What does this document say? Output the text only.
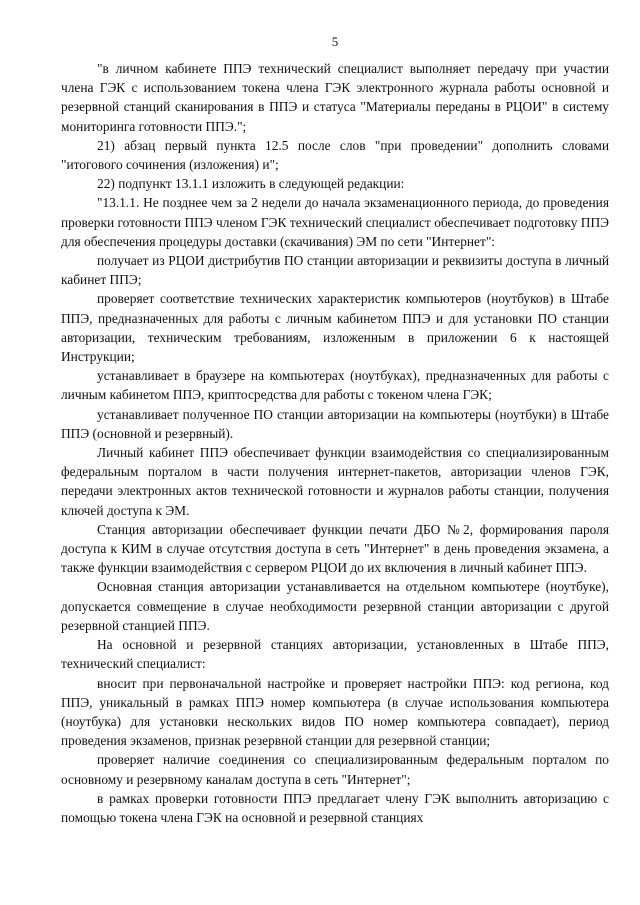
5

"в личном кабинете ППЭ технический специалист выполняет передачу при участии члена ГЭК с использованием токена члена ГЭК электронного журнала работы основной и резервной станций сканирования в ППЭ и статуса "Материалы переданы в РЦОИ" в систему мониторинга готовности ППЭ.";

21) абзац первый пункта 12.5 после слов "при проведении" дополнить словами "итогового сочинения (изложения) и";

22) подпункт 13.1.1 изложить в следующей редакции:

"13.1.1. Не позднее чем за 2 недели до начала экзаменационного периода, до проведения проверки готовности ППЭ членом ГЭК технический специалист обеспечивает подготовку ППЭ для обеспечения процедуры доставки (скачивания) ЭМ по сети "Интернет":

получает из РЦОИ дистрибутив ПО станции авторизации и реквизиты доступа в личный кабинет ППЭ;

проверяет соответствие технических характеристик компьютеров (ноутбуков) в Штабе ППЭ, предназначенных для работы с личным кабинетом ППЭ и для установки ПО станции авторизации, техническим требованиям, изложенным в приложении 6 к настоящей Инструкции;

устанавливает в браузере на компьютерах (ноутбуках), предназначенных для работы с личным кабинетом ППЭ, криптосредства для работы с токеном члена ГЭК;

устанавливает полученное ПО станции авторизации на компьютеры (ноутбуки) в Штабе ППЭ (основной и резервный).

Личный кабинет ППЭ обеспечивает функции взаимодействия со специализированным федеральным порталом в части получения интернет-пакетов, авторизации членов ГЭК, передачи электронных актов технической готовности и журналов работы станции, получения ключей доступа к ЭМ.

Станция авторизации обеспечивает функции печати ДБО №2, формирования пароля доступа к КИМ в случае отсутствия доступа в сеть "Интернет" в день проведения экзамена, а также функции взаимодействия с сервером РЦОИ до их включения в личный кабинет ППЭ.

Основная станция авторизации устанавливается на отдельном компьютере (ноутбуке), допускается совмещение в случае необходимости резервной станции авторизации с другой резервной станцией ППЭ.

На основной и резервной станциях авторизации, установленных в Штабе ППЭ, технический специалист:

вносит при первоначальной настройке и проверяет настройки ППЭ: код региона, код ППЭ, уникальный в рамках ППЭ номер компьютера (в случае использования компьютера (ноутбука) для установки нескольких видов ПО номер компьютера совпадает), период проведения экзаменов, признак резервной станции для резервной станции;

проверяет наличие соединения со специализированным федеральным порталом по основному и резервному каналам доступа в сеть "Интернет";

в рамках проверки готовности ППЭ предлагает члену ГЭК выполнить авторизацию с помощью токена члена ГЭК на основной и резервной станциях
